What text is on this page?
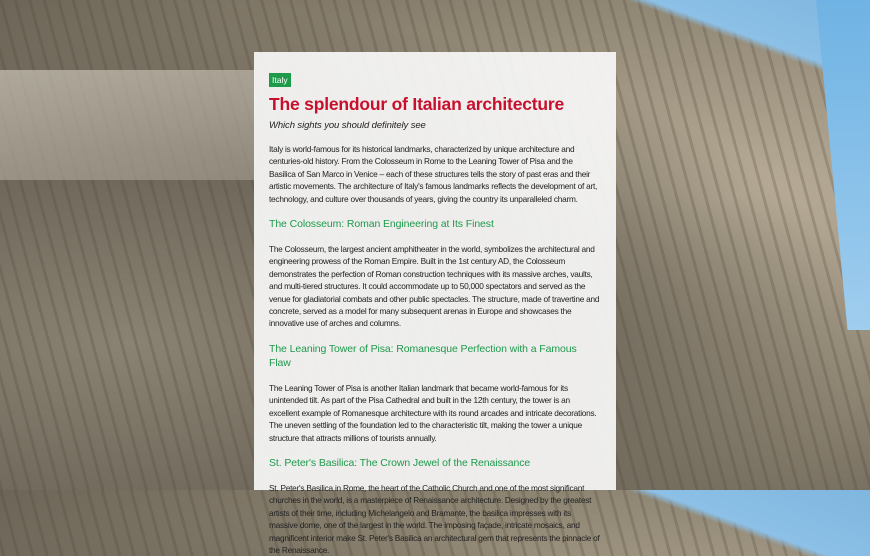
Italy
The splendour of Italian architecture
Which sights you should definitely see

Italy is world-famous for its historical landmarks, characterized by unique architecture and centuries-old history. From the Colosseum in Rome to the Leaning Tower of Pisa and the Basilica of San Marco in Venice – each of these structures tells the story of past eras and their artistic movements. The architecture of Italy's famous landmarks reflects the development of art, technology, and culture over thousands of years, giving the country its unparalleled charm.

The Colosseum: Roman Engineering at Its Finest

The Colosseum, the largest ancient amphitheater in the world, symbolizes the architectural and engineering prowess of the Roman Empire. Built in the 1st century AD, the Colosseum demonstrates the perfection of Roman construction techniques with its massive arches, vaults, and multi-tiered structures. It could accommodate up to 50,000 spectators and served as the venue for gladiatorial combats and other public spectacles. The structure, made of travertine and concrete, served as a model for many subsequent arenas in Europe and showcases the innovative use of arches and columns.

The Leaning Tower of Pisa: Romanesque Perfection with a Famous Flaw

The Leaning Tower of Pisa is another Italian landmark that became world-famous for its unintended tilt. As part of the Pisa Cathedral and built in the 12th century, the tower is an excellent example of Romanesque architecture with its round arcades and intricate decorations. The uneven settling of the foundation led to the characteristic tilt, making the tower a unique structure that attracts millions of tourists annually.

St. Peter's Basilica: The Crown Jewel of the Renaissance

St. Peter's Basilica in Rome, the heart of the Catholic Church and one of the most significant churches in the world, is a masterpiece of Renaissance architecture. Designed by the greatest artists of their time, including Michelangelo and Bramante, the basilica impresses with its massive dome, one of the largest in the world. The imposing façade, intricate mosaics, and magnificent interior make St. Peter's Basilica an architectural gem that represents the pinnacle of the Renaissance.
